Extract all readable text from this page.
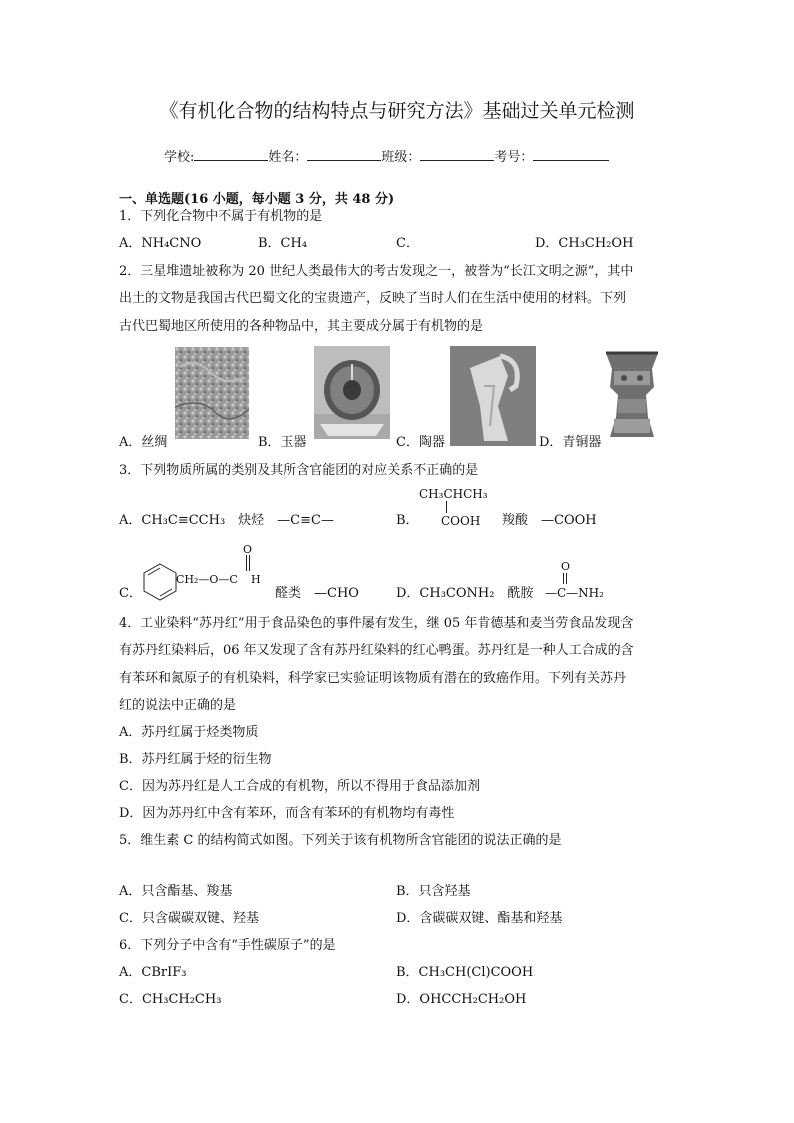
《有机化合物的结构特点与研究方法》基础过关单元检测
学校:	姓名：	班级：	考号：
一、单选题(16 小题，每小题 3 分，共 48 分)
1．下列化合物中不属于有机物的是
A．NH₄CNO	B．CH₄	C．	D．CH₃CH₂OH
2．三星堆遗址被称为 20 世纪人类最伟大的考古发现之一，被誉为“长江文明之源”，其中
出土的文物是我国古代巴蜀文化的宝贵遗产，反映了当时人们在生活中使用的材料。下列
古代巴蜀地区所使用的各种物品中，其主要成分属于有机物的是
A．丝绸	B．玉器	C．陶器	D．青铜器
3．下列物质所属的类别及其所含官能团的对应关系不正确的是
A．CH₃C≡CCH₃　炔烃　—C≡C—	B．
CH₃CHCH₃
COOH 羧酸　—COOH
C．
CH₂—O—C
O
H
醛类　—CHO	D．CH₃CONH₂　酰胺
O
—C—NH₂
4．工业染料“苏丹红”用于食品染色的事件屡有发生，继 05 年肯德基和麦当劳食品发现含
有苏丹红染料后，06 年又发现了含有苏丹红染料的红心鸭蛋。苏丹红是一种人工合成的含
有苯环和氮原子的有机染料，科学家已实验证明该物质有潜在的致癌作用。下列有关苏丹
红的说法中正确的是
A．苏丹红属于烃类物质
B．苏丹红属于烃的衍生物
C．因为苏丹红是人工合成的有机物，所以不得用于食品添加剂
D．因为苏丹红中含有苯环，而含有苯环的有机物均有毒性
5．维生素 C 的结构简式如图。下列关于该有机物所含官能团的说法正确的是
A．只含酯基、羧基	B．只含羟基
C．只含碳碳双键、羟基	D．含碳碳双键、酯基和羟基
6．下列分子中含有“手性碳原子”的是
A．CBrIF₃	B．CH₃CH(Cl)COOH
C．CH₃CH₂CH₃	D．OHCCH₂CH₂OH
